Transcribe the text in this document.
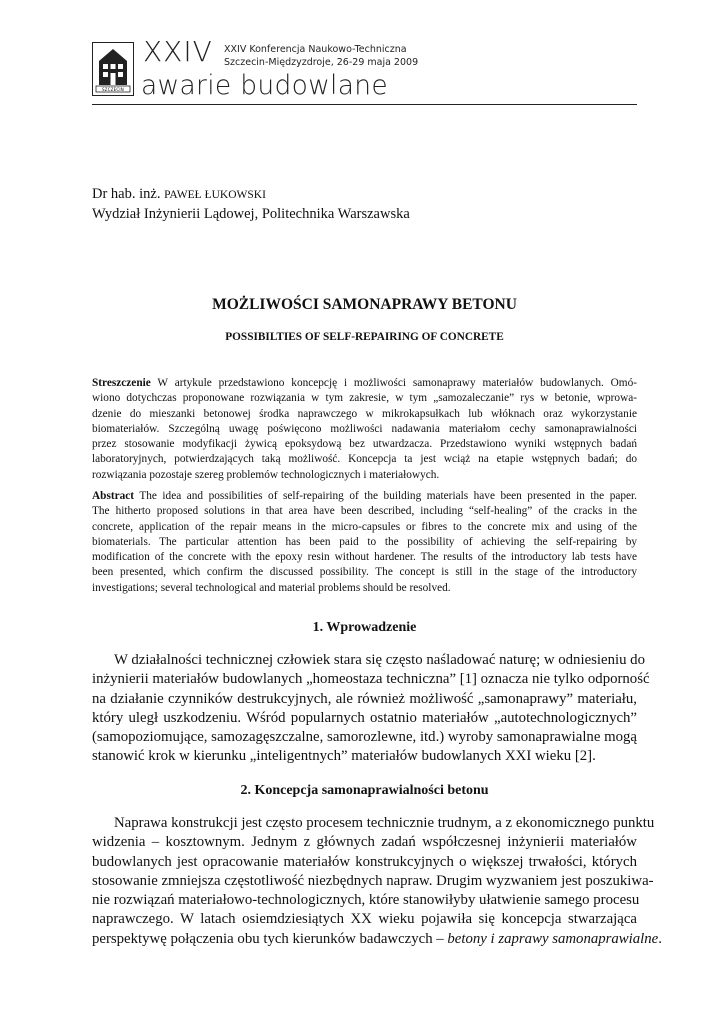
SZCZECIN
XXIV XXIV Konferencja Naukowo-Techniczna
Szczecin-Międzyzdroje, 26-29 maja 2009
awarie budowlane
Dr hab. inż. PAWEŁ ŁUKOWSKI
Wydział Inżynierii Lądowej, Politechnika Warszawska
MOŻLIWOŚCI SAMONAPRAWY BETONU
POSSIBILTIES OF SELF-REPAIRING OF CONCRETE
Streszczenie W artykule przedstawiono koncepcję i możliwości samonaprawy materiałów budowlanych. Omó-
wiono dotychczas proponowane rozwiązania w tym zakresie, w tym „samozaleczanie” rys w betonie, wprowa-
dzenie do mieszanki betonowej środka naprawczego w mikrokapsułkach lub włóknach oraz wykorzystanie
biomateriałów. Szczególną uwagę poświęcono możliwości nadawania materiałom cechy samonaprawialności
przez stosowanie modyfikacji żywicą epoksydową bez utwardzacza. Przedstawiono wyniki wstępnych badań
laboratoryjnych, potwierdzających taką możliwość. Koncepcja ta jest wciąż na etapie wstępnych badań; do
rozwiązania pozostaje szereg problemów technologicznych i materiałowych.
Abstract The idea and possibilities of self-repairing of the building materials have been presented in the paper.
The hitherto proposed solutions in that area have been described, including “self-healing” of the cracks in the
concrete, application of the repair means in the micro-capsules or fibres to the concrete mix and using of the
biomaterials. The particular attention has been paid to the possibility of achieving the self-repairing by
modification of the concrete with the epoxy resin without hardener. The results of the introductory lab tests have
been presented, which confirm the discussed possibility. The concept is still in the stage of the introductory
investigations; several technological and material problems should be resolved.
1. Wprowadzenie
W działalności technicznej człowiek stara się często naśladować naturę; w odniesieniu do
inżynierii materiałów budowlanych „homeostaza techniczna” [1] oznacza nie tylko odporność
na działanie czynników destrukcyjnych, ale również możliwość „samonaprawy” materiału,
który uległ uszkodzeniu. Wśród popularnych ostatnio materiałów „autotechnologicznych”
(samopoziomujące, samozagęszczalne, samorozlewne, itd.) wyroby samonaprawialne mogą
stanowić krok w kierunku „inteligentnych” materiałów budowlanych XXI wieku [2].
2. Koncepcja samonaprawialności betonu
Naprawa konstrukcji jest często procesem technicznie trudnym, a z ekonomicznego punktu
widzenia – kosztownym. Jednym z głównych zadań współczesnej inżynierii materiałów
budowlanych jest opracowanie materiałów konstrukcyjnych o większej trwałości, których
stosowanie zmniejsza częstotliwość niezbędnych napraw. Drugim wyzwaniem jest poszukiwa-
nie rozwiązań materiałowo-technologicznych, które stanowiłyby ułatwienie samego procesu
naprawczego. W latach osiemdziesiątych XX wieku pojawiła się koncepcja stwarzająca
perspektywę połączenia obu tych kierunków badawczych – betony i zaprawy samonaprawialne.
